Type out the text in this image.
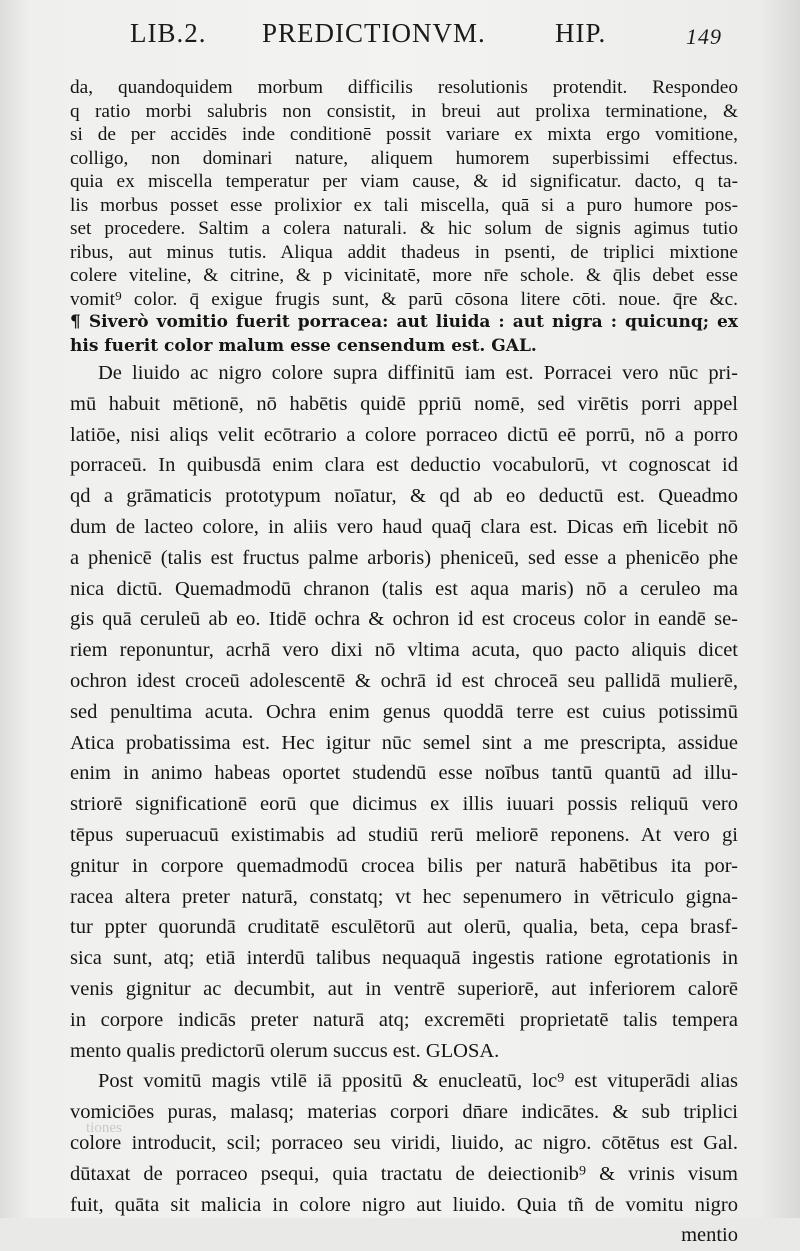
LIB.2. PREDICTIONVM.	HIP.	149
tiones
da, quandoquidem morbum difficilis resolutionis protendit. Respondeo
q ratio morbi salubris non consistit, in breui aut prolixa terminatione, &
si de per accidēs inde conditionē possit variare ex mixta ergo vomitione,
colligo, non dominari nature, aliquem humorem superbissimi effectus.
quia ex miscella temperatur per viam cause, & id significatur. dacto, q ta-
lis morbus posset esse prolixior ex tali miscella, quā si a puro humore pos-
set procedere. Saltim a colera naturali. & hic solum de signis agimus tutio
ribus, aut minus tutis. Aliqua addit thadeus in psenti, de triplici mixtione
colere viteline, & citrine, & p vicinitatē, more nr̄e schole. & q̄lis debet esse
vomit⁹ color. q̄ exigue frugis sunt, & parū cōsona litere cōti. noue. q̄re &c.
¶ Siverò vomitio fuerit porracea: aut liuida : aut nigra : quicunq; ex
his fuerit color malum esse censendum est. GAL.
De liuido ac nigro colore supra diffinitū iam est. Porracei vero nūc pri-
mū habuit mētionē, nō habētis quidē ppriū nomē, sed virētis porri appel
latiōe, nisi aliqs velit ecōtrario a colore porraceo dictū eē porrū, nō a porro
porraceū. In quibusdā enim clara est deductio vocabulorū, vt cognoscat id
qd a grāmaticis prototypum noīatur, & qd ab eo deductū est. Queadmo
dum de lacteo colore, in aliis vero haud quaq̄ clara est. Dicas em̄ licebit nō
a phenicē (talis est fructus palme arboris) pheniceū, sed esse a phenicēo phe
nica dictū. Quemadmodū chranon (talis est aqua maris) nō a ceruleo ma
gis quā ceruleū ab eo. Itidē ochra & ochron id est croceus color in eandē se-
riem reponuntur, acrhā vero dixi nō vltima acuta, quo pacto aliquis dicet
ochron idest croceū adolescentē & ochrā id est chroceā seu pallidā mulierē,
sed penultima acuta. Ochra enim genus quoddā terre est cuius potissimū
Atica probatissima est. Hec igitur nūc semel sint a me prescripta, assidue
enim in animo habeas oportet studendū esse noībus tantū quantū ad illu-
striorē significationē eorū que dicimus ex illis iuuari possis reliquū vero
tēpus superuacuū existimabis ad studiū rerū meliorē reponens. At vero gi
gnitur in corpore quemadmodū crocea bilis per naturā habētibus ita por-
racea altera preter naturā, constatq; vt hec sepenumero in vētriculo gigna-
tur ppter quorundā cruditatē esculētorū aut olerū, qualia, beta, cepa brasf-
sica sunt, atq; etiā interdū talibus nequaquā ingestis ratione egrotationis in
venis gignitur ac decumbit, aut in ventrē superiorē, aut inferiorem calorē
in corpore indicās preter naturā atq; excremēti proprietatē talis tempera
mento qualis predictorū olerum succus est. GLOSA.
Post vomitū magis vtilē iā ppositū & enucleatū, loc⁹ est vituperādi alias
vomiciōes puras, malasq; materias corpori dn̄are indicātes. & sub triplici
colore introducit, scil; porraceo seu viridi, liuido, ac nigro. cōtētus est Gal.
dūtaxat de porraceo psequi, quia tractatu de deiectionib⁹ & vrinis visum
fuit, quāta sit malicia in colore nigro aut liuido. Quia tñ de vomitu nigro
mentio
